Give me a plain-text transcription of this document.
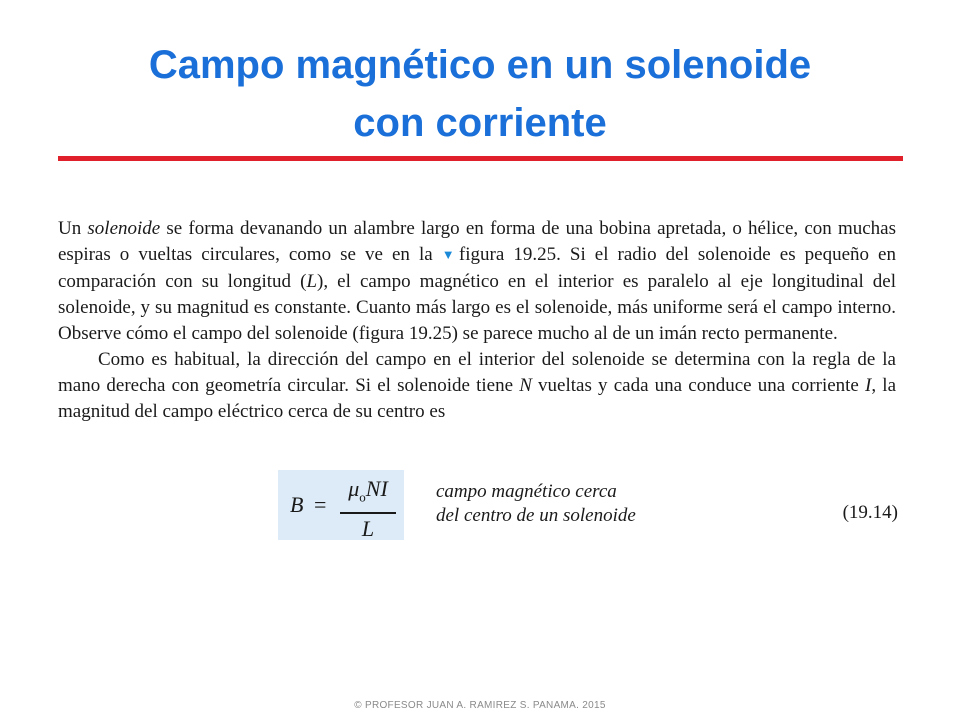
Campo magnético en un solenoide
con corriente

Un solenoide se forma devanando un alambre largo en forma de una bobina apretada, o hélice, con muchas espiras o vueltas circulares, como se ve en la ▼figura 19.25. Si el radio del solenoide es pequeño en comparación con su longitud (L), el campo magnético en el interior es paralelo al eje longitudinal del solenoide, y su magnitud es constante. Cuanto más largo es el solenoide, más uniforme será el campo interno. Observe cómo el campo del solenoide (figura 19.25) se parece mucho al de un imán recto permanente.

Como es habitual, la dirección del campo en el interior del solenoide se determina con la regla de la mano derecha con geometría circular. Si el solenoide tiene N vueltas y cada una conduce una corriente I, la magnitud del campo eléctrico cerca de su centro es

B =
$\mu_oNI$
L
campo magnético cerca
del centro de un solenoide	(19.14)
© PROFESOR JUAN A. RAMIREZ S. PANAMA. 2015
